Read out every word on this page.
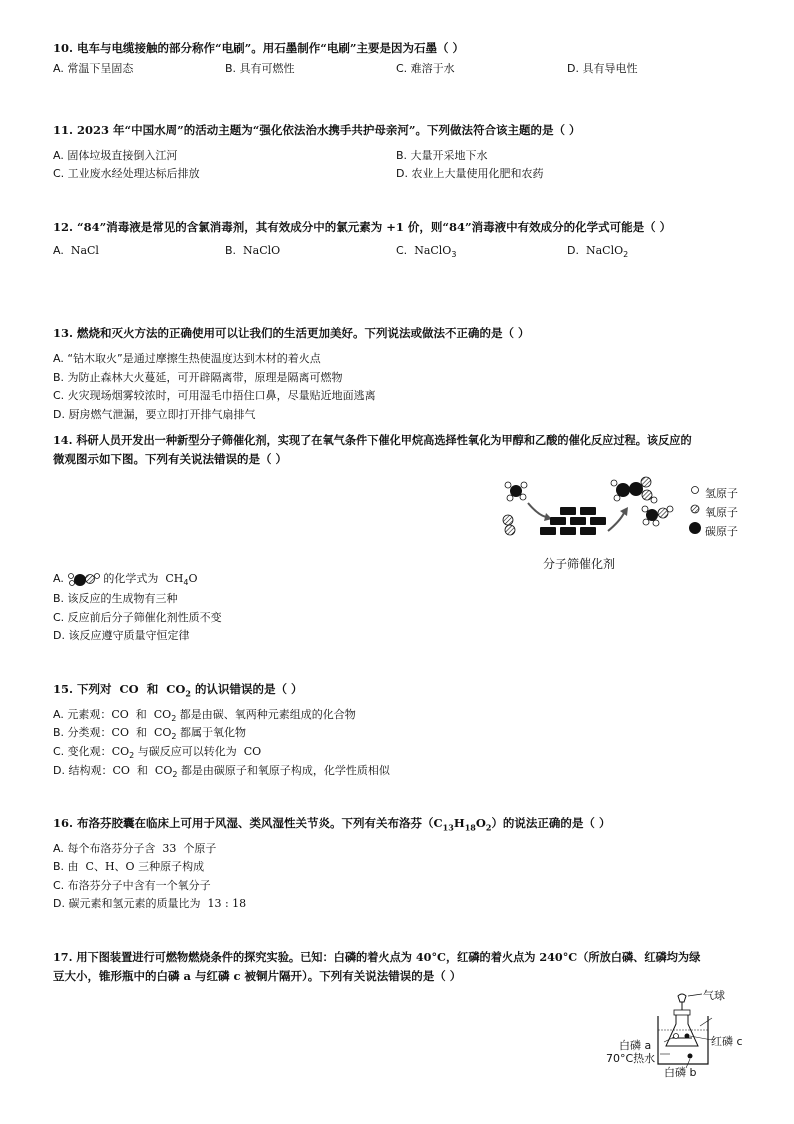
10. 电车与电缆接触的部分称作“电刷”。用石墨制作“电刷”主要是因为石墨（ ）
A. 常温下呈固态	B. 具有可燃性	C. 难溶于水	D. 具有导电性
11. 2023 年“中国水周”的活动主题为“强化依法治水携手共护母亲河”。下列做法符合该主题的是（ ）
A. 固体垃圾直接倒入江河	B. 大量开采地下水
C. 工业废水经处理达标后排放	D. 农业上大量使用化肥和农药
12. “84”消毒液是常见的含氯消毒剂，其有效成分中的氯元素为 +1 价，则“84”消毒液中有效成分的化学式可能是（ ）
A. NaCl	B. NaClO	C. NaClO$_3$	D. NaClO$_2$
13. 燃烧和灭火方法的正确使用可以让我们的生活更加美好。下列说法或做法不正确的是（ ）
A. “钻木取火”是通过摩擦生热使温度达到木材的着火点
B. 为防止森林大火蔓延，可开辟隔离带，原理是隔离可燃物
C. 火灾现场烟雾较浓时，可用湿毛巾捂住口鼻，尽量贴近地面逃离
D. 厨房燃气泄漏，要立即打开排气扇排气
14. 科研人员开发出一种新型分子筛催化剂，实现了在氧气条件下催化甲烷高选择性氧化为甲醇和乙酸的催化反应过程。该反应的
微观图示如下图。下列有关说法错误的是（ ）
氢原子
氧原子
碳原子
分子筛催化剂
A.	的化学式为 $CH_4O$
B. 该反应的生成物有三种
C. 反应前后分子筛催化剂性质不变
D. 该反应遵守质量守恒定律
15. 下列对 CO 和 $CO_2$ 的认识错误的是（ ）
A. 元素观：CO 和 $CO_2$ 都是由碳、氧两种元素组成的化合物
B. 分类观：CO 和 $CO_2$ 都属于氧化物
C. 变化观：$CO_2$ 与碳反应可以转化为 CO
D. 结构观：CO 和 $CO_2$ 都是由碳原子和氧原子构成，化学性质相似
16. 布洛芬胶囊在临床上可用于风湿、类风湿性关节炎。下列有关布洛芬$(C_{13}H_{18}O_2)$的说法正确的是（ ）
A. 每个布洛芬分子含 33 个原子
B. 由 C、H、O 三种原子构成
C. 布洛芬分子中含有一个氧分子
D. 碳元素和氢元素的质量比为 13 : 18
17. 用下图装置进行可燃物燃烧条件的探究实验。已知：白磷的着火点为 40°C，红磷的着火点为 240°C（所放白磷、红磷均为绿
豆大小，锥形瓶中的白磷 a 与红磷 c 被铜片隔开）。下列有关说法错误的是（ ）
气球
红磷 c
白磷 a
70°C热水
白磷 b
